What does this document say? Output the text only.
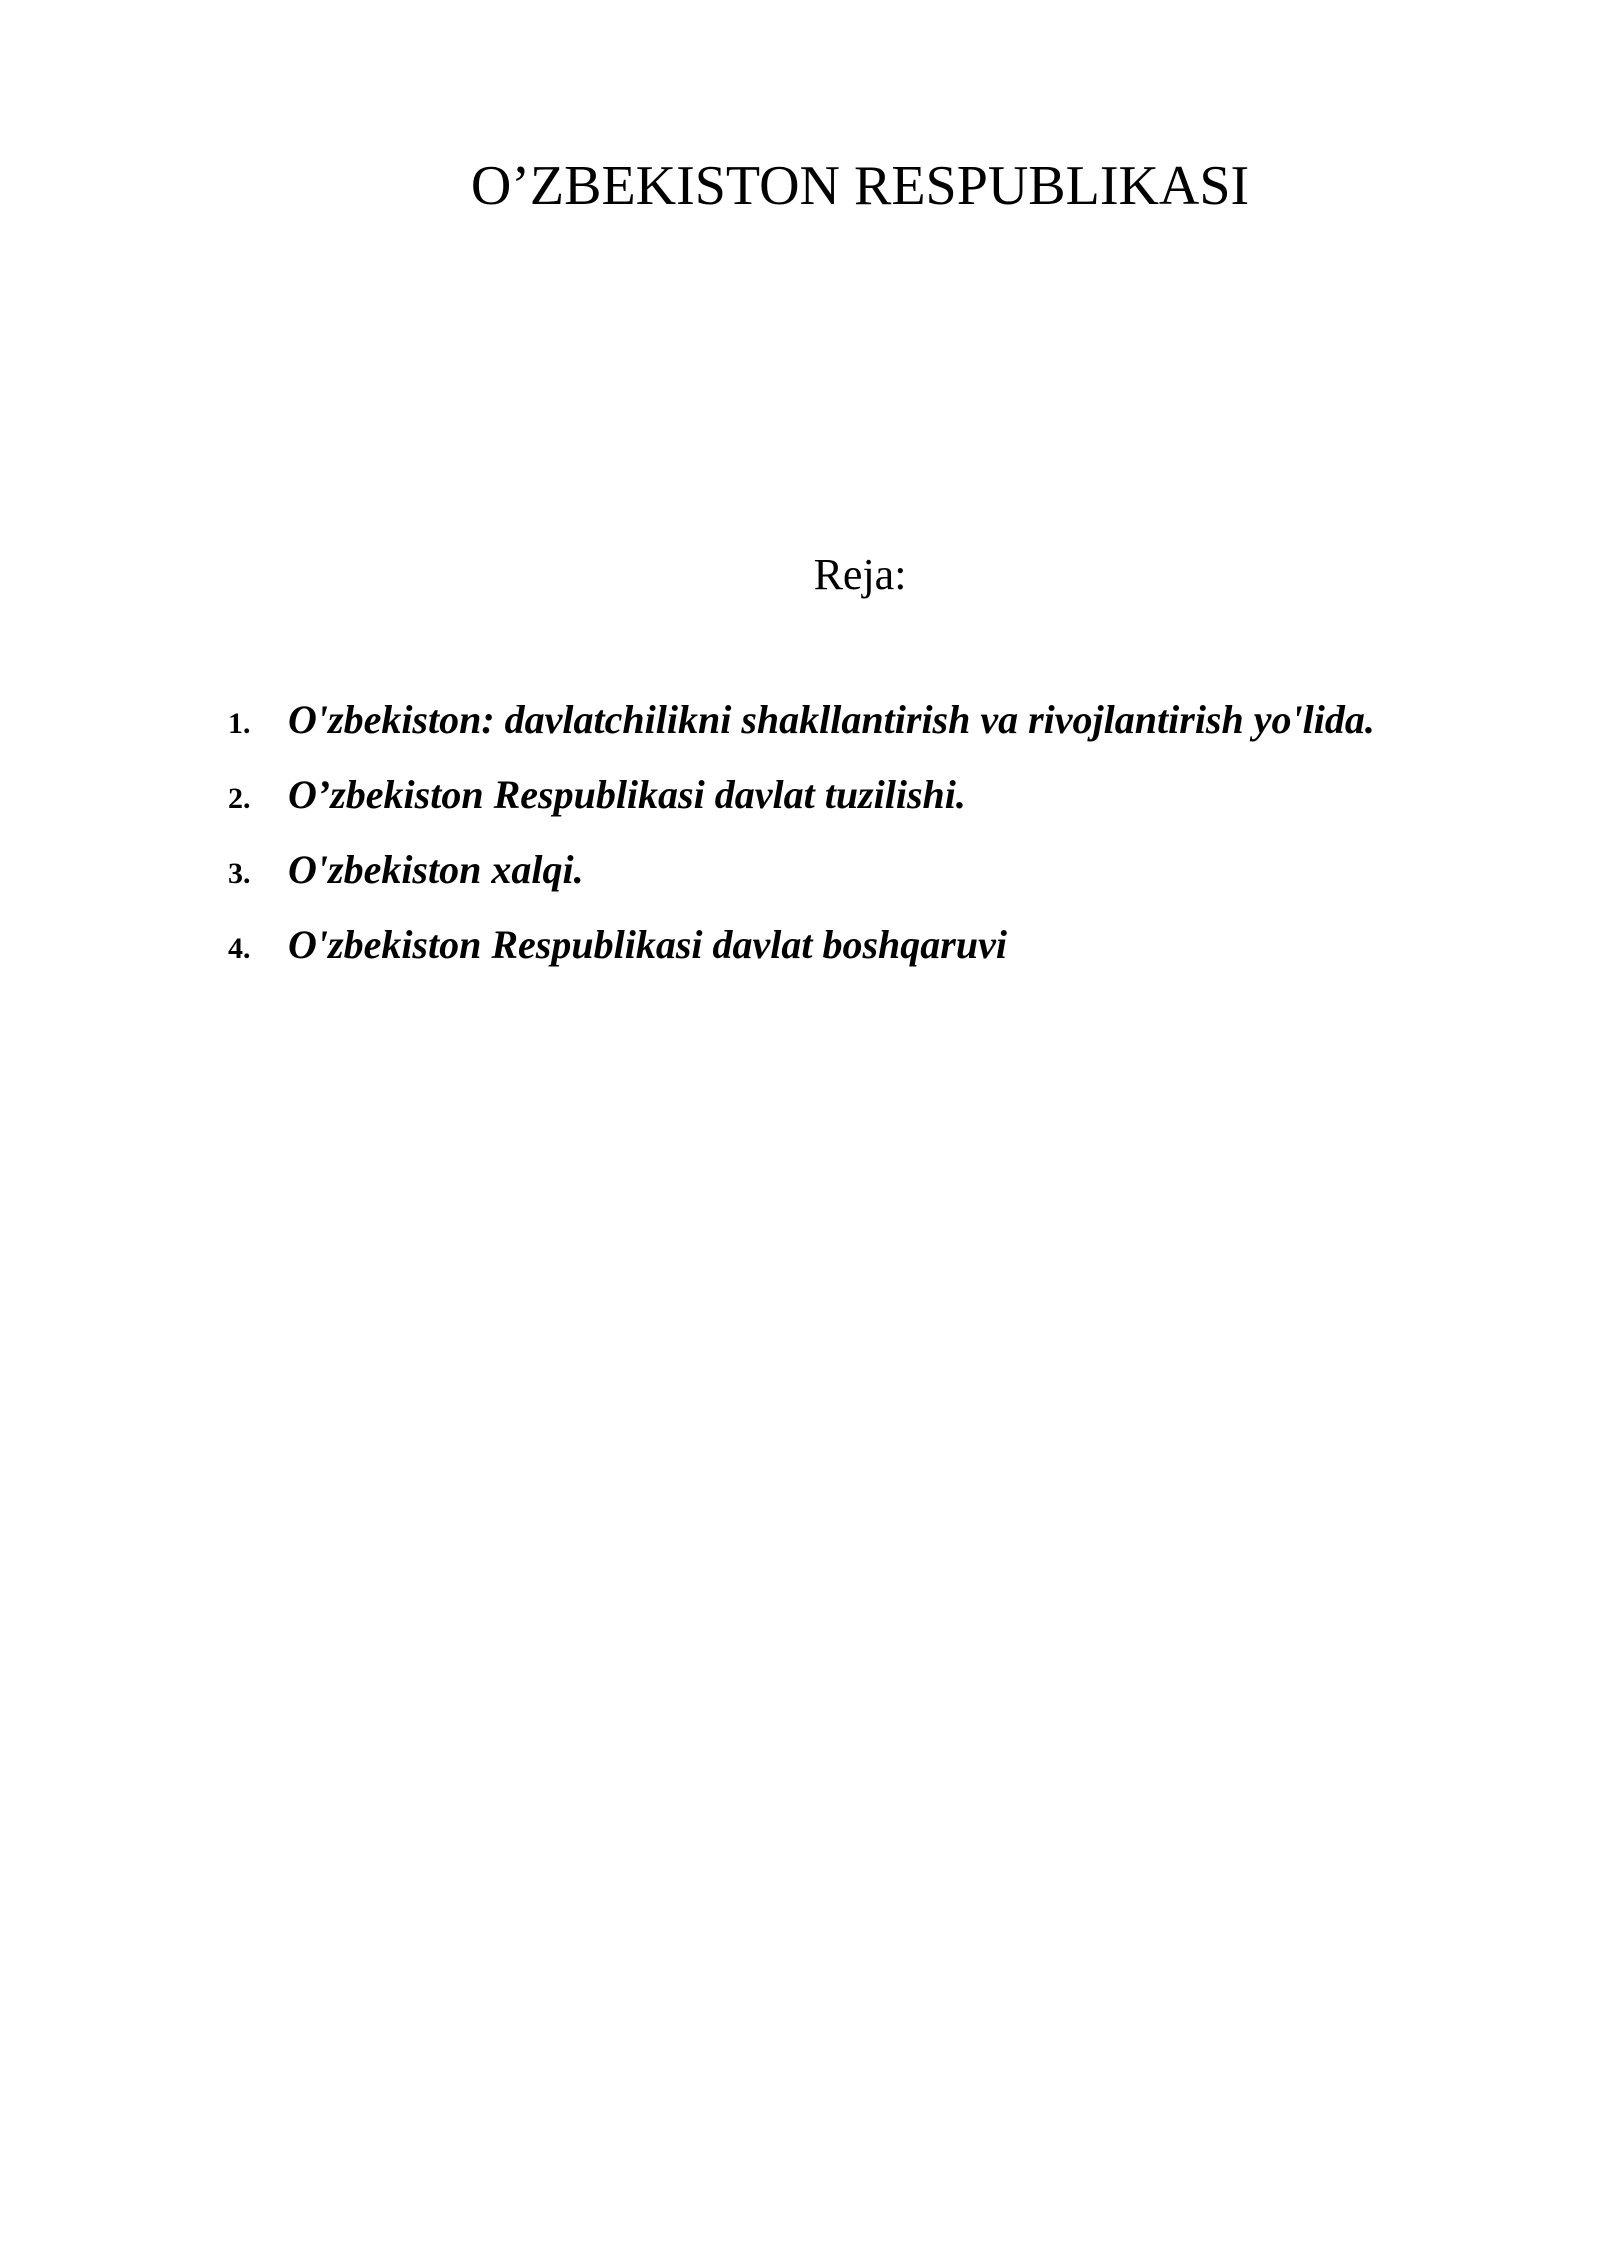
O’ZBEKISTON RESPUBLIKASI
Reja:
1. O'zbekiston: davlatchilikni shakllantirish va rivojlantirish yo'lida.
2. O’zbekiston Respublikasi davlat tuzilishi.
3. O'zbekiston xalqi.
4. O'zbekiston Respublikasi davlat boshqaruvi
